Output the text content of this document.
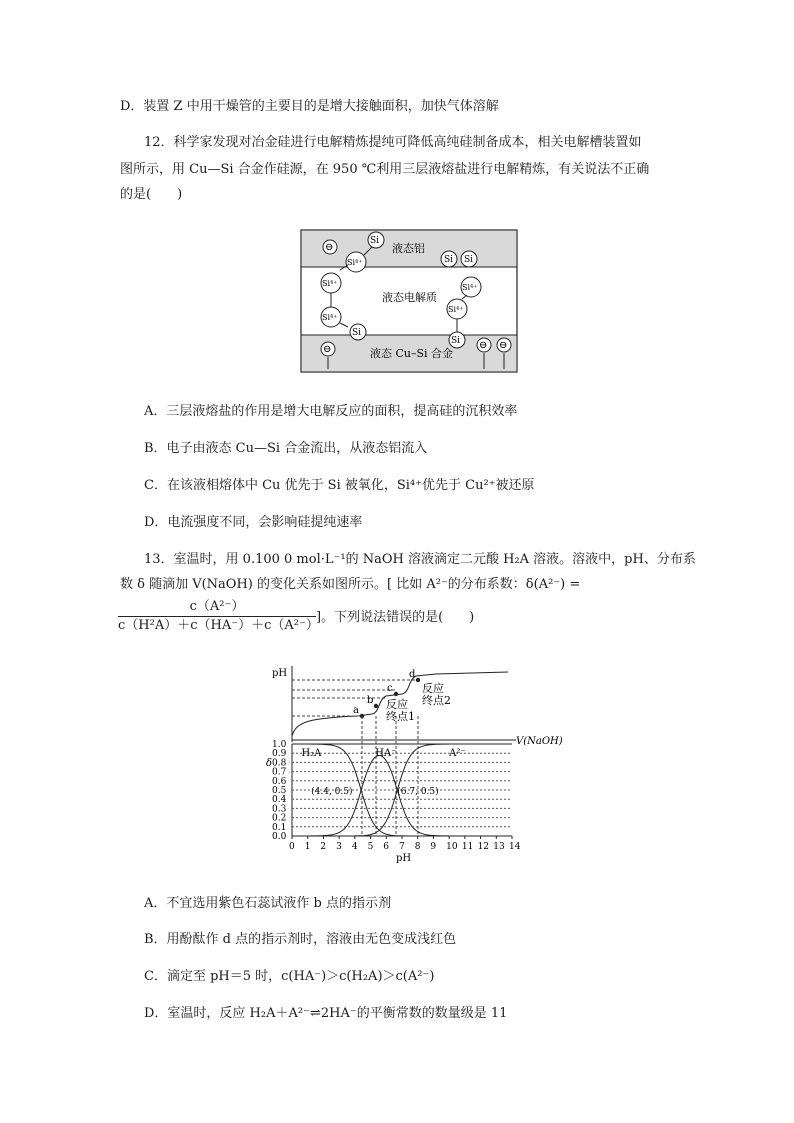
D．装置 Z 中用干燥管的主要目的是增大接触面积，加快气体溶解
12．科学家发现对冶金硅进行电解精炼提纯可降低高纯硅制备成本，相关电解槽装置如
图所示，用 Cu—Si 合金作硅源，在 950 ℃利用三层液熔盐进行电解精炼，有关说法不正确
的是(　　)
液态铝
液态电解质
液态 Cu–Si 合金
⊖
Si
Si⁴⁺	Si Si
Si⁴⁺
Si⁴⁺
Si
Si⁴⁺
Si⁴⁺
Si
⊖	⊖ ⊖
A．三层液熔盐的作用是增大电解反应的面积，提高硅的沉积效率
B．电子由液态 Cu—Si 合金流出，从液态铝流入
C．在该液相熔体中 Cu 优先于 Si 被氧化，Si⁴⁺优先于 Cu²⁺被还原
D．电流强度不同，会影响硅提纯速率
13．室温时，用 0.100 0 mol·L⁻¹的 NaOH 溶液滴定二元酸 H₂A 溶液。溶液中，pH、分布系
数 δ 随滴加 V(NaOH) 的变化关系如图所示。[ 比如 A²⁻的分布系数：δ(A²⁻) =
c（A²⁻）
c（H²A）＋c（HA⁻）＋c（A²⁻）
]。下列说法错误的是(　　)
pH
V(NaOH)
a
b
c
d
反应
终点1
反应
终点2
1.0
0.9
0.8
0.7
0.6
0.5
0.4
0.3
0.2
0.1
0.0
δ
0 1 2 3 4 5 6 7 8 9 10 11 12 13 14
pH
H₂A	HA⁻	A²⁻
(4.4, 0.5)	(6.7, 0.5)
A．不宜选用紫色石蕊试液作 b 点的指示剂
B．用酚酞作 d 点的指示剂时，溶液由无色变成浅红色
C．滴定至 pH＝5 时，c(HA⁻)＞c(H₂A)＞c(A²⁻)
D．室温时，反应 H₂A＋A²⁻⇌2HA⁻的平衡常数的数量级是 11
